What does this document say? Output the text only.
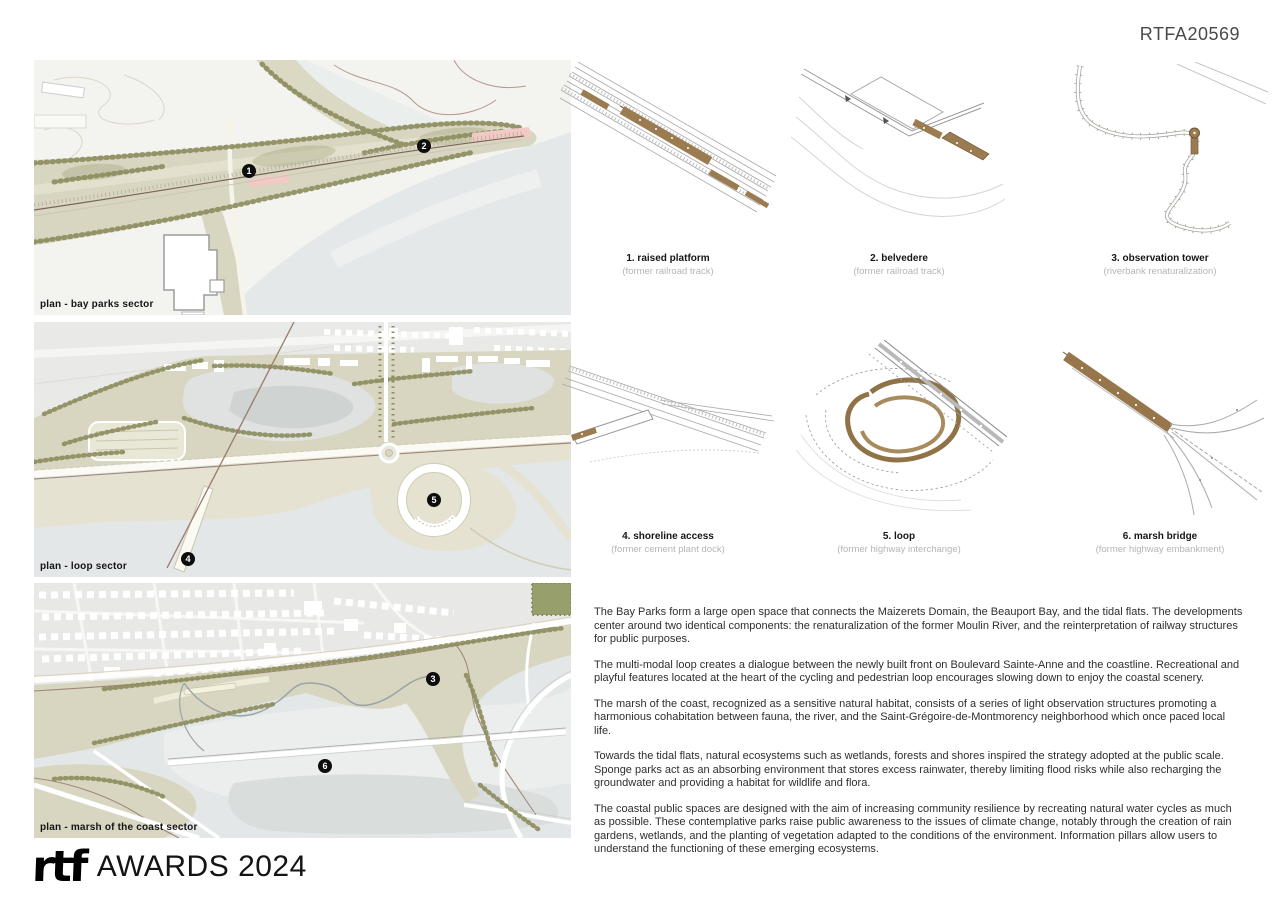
RTFA20569
1
2
plan - bay parks sector
4
5
plan - loop sector
3
6
plan - marsh of the coast sector
1. raised platform
(former railroad track)
2. belvedere
(former railroad track)
3. observation tower
(riverbank renaturalization)
4. shoreline access
(former cement plant dock)
5. loop
(former highway interchange)
6. marsh bridge
(former highway embankment)

The Bay Parks form a large open space that connects the Maizerets Domain, the Beauport Bay, and the tidal flats. The developments center around two identical components: the renaturalization of the former Moulin River, and the reinterpretation of railway structures for public purposes.

The multi-modal loop creates a dialogue between the newly built front on Boulevard Sainte-Anne and the coastline. Recreational and playful features located at the heart of the cycling and pedestrian loop encourages slowing down to enjoy the coastal scenery.

The marsh of the coast, recognized as a sensitive natural habitat, consists of a series of light observation structures promoting a harmonious cohabitation between fauna, the river, and the Saint-Grégoire-de-Montmorency neighborhood which once paced local life.

Towards the tidal flats, natural ecosystems such as wetlands, forests and shores inspired the strategy adopted at the public scale. Sponge parks act as an absorbing environment that stores excess rainwater, thereby limiting flood risks while also recharging the groundwater and providing a habitat for wildlife and flora.

The coastal public spaces are designed with the aim of increasing community resilience by recreating natural water cycles as much as possible. These contemplative parks raise public awareness to the issues of climate change, notably through the creation of rain gardens, wetlands, and the planting of vegetation adapted to the conditions of the environment. Information pillars allow users to understand the functioning of these emerging ecosystems.

rtf AWARDS 2024
